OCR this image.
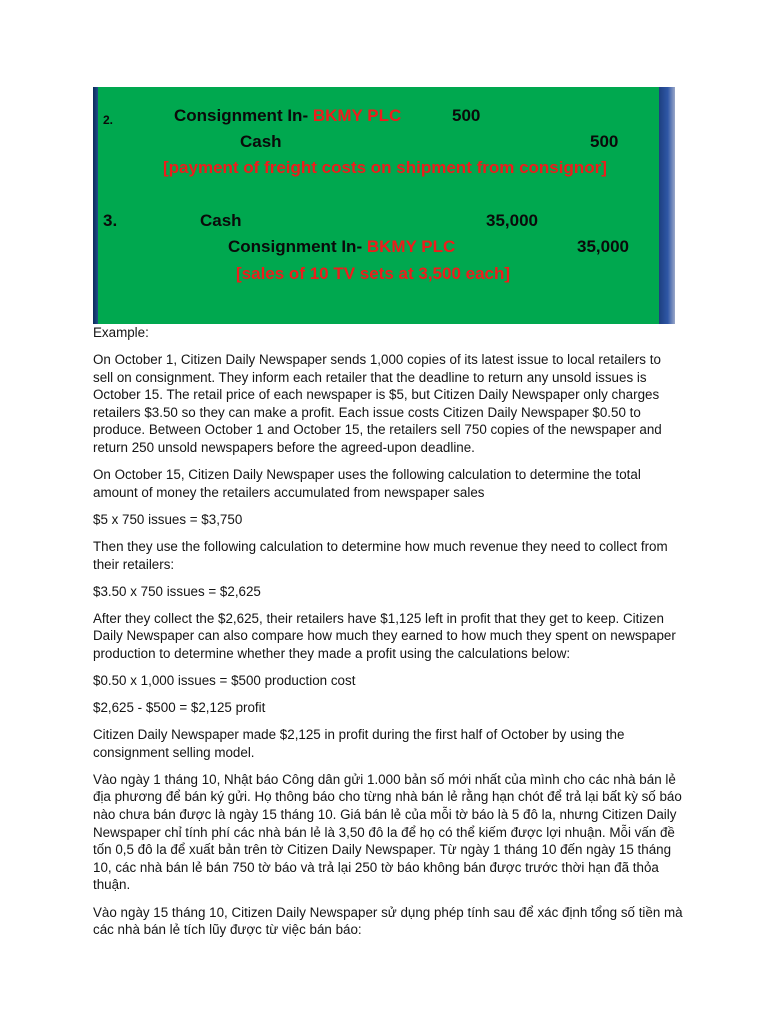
2.	Consignment In- BKMY PLC	500
Cash	500
[payment of freight costs on shipment from consignor]
3.	Cash	35,000
Consignment In- BKMY PLC	35,000
[sales of 10 TV sets at 3,500 each]

Example:

On October 1, Citizen Daily Newspaper sends 1,000 copies of its latest issue to local retailers to sell on consignment. They inform each retailer that the deadline to return any unsold issues is October 15. The retail price of each newspaper is $5, but Citizen Daily Newspaper only charges retailers $3.50 so they can make a profit. Each issue costs Citizen Daily Newspaper $0.50 to produce. Between October 1 and October 15, the retailers sell 750 copies of the newspaper and return 250 unsold newspapers before the agreed-upon deadline.

On October 15, Citizen Daily Newspaper uses the following calculation to determine the total amount of money the retailers accumulated from newspaper sales

$5 x 750 issues = $3,750

Then they use the following calculation to determine how much revenue they need to collect from their retailers:

$3.50 x 750 issues = $2,625

After they collect the $2,625, their retailers have $1,125 left in profit that they get to keep. Citizen Daily Newspaper can also compare how much they earned to how much they spent on newspaper production to determine whether they made a profit using the calculations below:

$0.50 x 1,000 issues = $500 production cost

$2,625 - $500 = $2,125 profit

Citizen Daily Newspaper made $2,125 in profit during the first half of October by using the consignment selling model.

Vào ngày 1 tháng 10, Nhật báo Công dân gửi 1.000 bản số mới nhất của mình cho các nhà bán lẻ địa phương để bán ký gửi. Họ thông báo cho từng nhà bán lẻ rằng hạn chót để trả lại bất kỳ số báo nào chưa bán được là ngày 15 tháng 10. Giá bán lẻ của mỗi tờ báo là 5 đô la, nhưng Citizen Daily Newspaper chỉ tính phí các nhà bán lẻ là 3,50 đô la để họ có thể kiếm được lợi nhuận. Mỗi vấn đề tốn 0,5 đô la để xuất bản trên tờ Citizen Daily Newspaper. Từ ngày 1 tháng 10 đến ngày 15 tháng 10, các nhà bán lẻ bán 750 tờ báo và trả lại 250 tờ báo không bán được trước thời hạn đã thỏa thuận.

Vào ngày 15 tháng 10, Citizen Daily Newspaper sử dụng phép tính sau để xác định tổng số tiền mà các nhà bán lẻ tích lũy được từ việc bán báo:
